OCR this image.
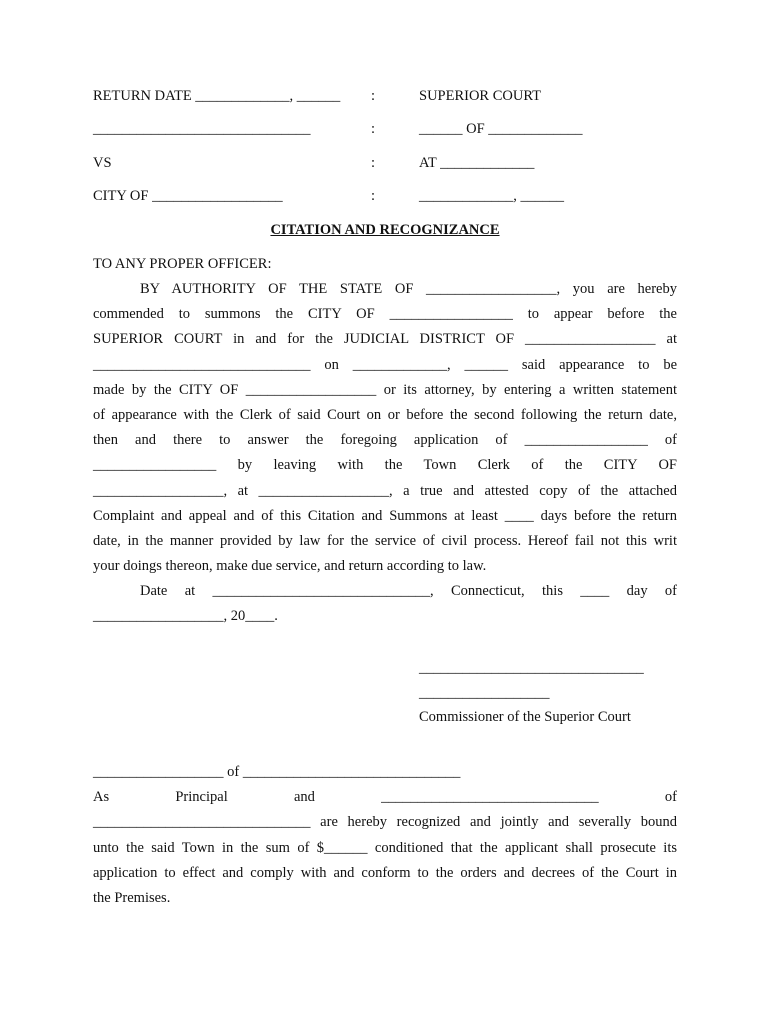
RETURN DATE _____________, ______ :	SUPERIOR COURT
______________________________	:	______ OF _____________
VS	:	AT _____________
CITY OF __________________	:	_____________, ______
CITATION AND RECOGNIZANCE
TO ANY PROPER OFFICER:
BY AUTHORITY OF THE STATE OF __________________, you are hereby
commended to summons the CITY OF _________________ to appear before the
SUPERIOR COURT in and for the JUDICIAL DISTRICT OF __________________ at
______________________________ on _____________, ______ said appearance to be
made by the CITY OF __________________ or its attorney, by entering a written statement
of appearance with the Clerk of said Court on or before the second following the return date,
then and there to answer the foregoing application of _________________ of
_________________ by leaving with the Town Clerk of the CITY OF
__________________, at __________________, a true and attested copy of the attached
Complaint and appeal and of this Citation and Summons at least ____ days before the return
date, in the manner provided by law for the service of civil process. Hereof fail not this writ
your doings thereon, make due service, and return according to law.
Date at ______________________________, Connecticut, this ____ day of
__________________, 20____.
_______________________________
__________________
Commissioner of the Superior Court
__________________ of ______________________________
As Principal and ______________________________ of
______________________________ are hereby recognized and jointly and severally bound
unto the said Town in the sum of $______ conditioned that the applicant shall prosecute its
application to effect and comply with and conform to the orders and decrees of the Court in
the Premises.
